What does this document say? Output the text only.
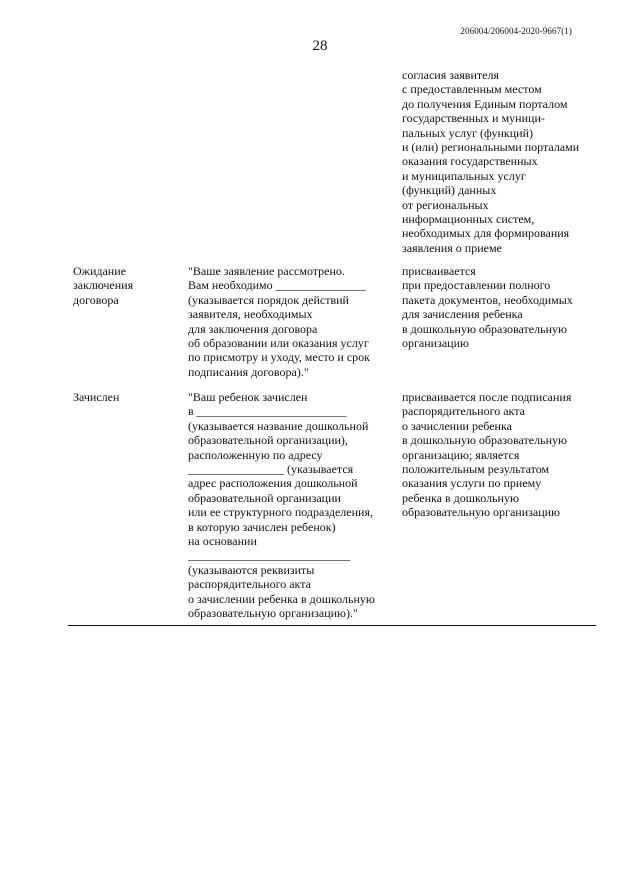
206004/206004-2020-9667(1)
28

согласия заявителя
с предоставленным местом
до получения Единым порталом
государственных и муници-
пальных услуг (функций)
и (или) региональными порталами
оказания государственных
и муниципальных услуг
(функций) данных
от региональных
информационных систем,
необходимых для формирования
заявления о приеме

Ожидание
заключения
договора

"Ваше заявление рассмотрено.
Вам необходимо _______________
(указывается порядок действий
заявителя, необходимых
для заключения договора
об образовании или оказания услуг
по присмотру и уходу, место и срок
подписания договора)."

присваивается
при предоставлении полного
пакета документов, необходимых
для зачисления ребенка
в дошкольную образовательную
организацию

Зачислен	"Ваш ребенок зачислен
в _________________________
(указывается название дошкольной
образовательной организации),
расположенную по адресу
________________ (указывается
адрес расположения дошкольной
образовательной организации
или ее структурного подразделения,
в которую зачислен ребенок)
на основании
___________________________
(указываются реквизиты
распорядительного акта
о зачислении ребенка в дошкольную
образовательную организацию)."

присваивается после подписания
распорядительного акта
о зачислении ребенка
в дошкольную образовательную
организацию; является
положительным результатом
оказания услуги по приему
ребенка в дошкольную
образовательную организацию
